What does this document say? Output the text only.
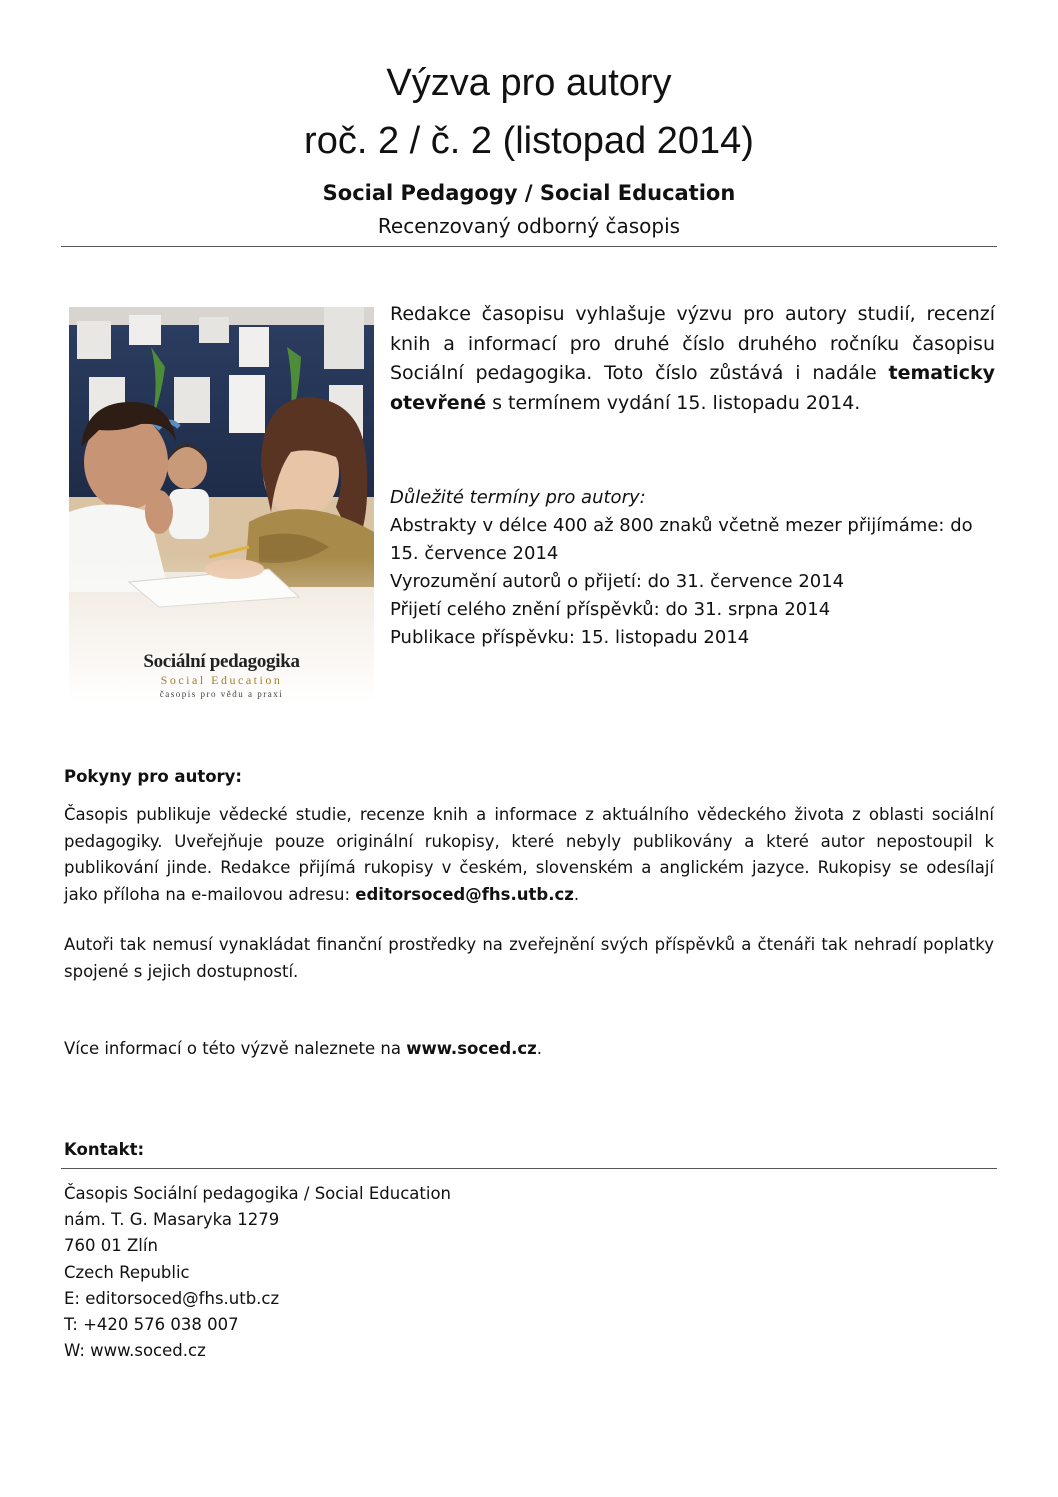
Výzva pro autory
roč. 2 / č. 2 (listopad 2014)
Social Pedagogy / Social Education
Recenzovaný odborný časopis
Sociální pedagogika
Social Education
časopis pro vědu a praxi

Redakce časopisu vyhlašuje výzvu pro autory studií, recenzí knih a informací pro druhé číslo druhého ročníku časopisu Sociální pedagogika. Toto číslo zůstává i nadále tematicky otevřené s termínem vydání 15. listopadu 2014.

Důležité termíny pro autory:
Abstrakty v délce 400 až 800 znaků včetně mezer přijímáme: do
15. července 2014
Vyrozumění autorů o přijetí: do 31. července 2014
Přijetí celého znění příspěvků: do 31. srpna 2014
Publikace příspěvku: 15. listopadu 2014
Pokyny pro autory:

Časopis publikuje vědecké studie, recenze knih a informace z aktuálního vědeckého života z oblasti sociální pedagogiky. Uveřejňuje pouze originální rukopisy, které nebyly publikovány a které autor nepostoupil k publikování jinde. Redakce přijímá rukopisy v českém, slovenském a anglickém jazyce. Rukopisy se odesílají jako příloha na e-mailovou adresu: editorsoced@fhs.utb.cz.

Autoři tak nemusí vynakládat finanční prostředky na zveřejnění svých příspěvků a čtenáři tak nehradí poplatky spojené s jejich dostupností.

Více informací o této výzvě naleznete na www.soced.cz.

Kontakt:
Časopis Sociální pedagogika / Social Education
nám. T. G. Masaryka 1279
760 01 Zlín
Czech Republic
E: editorsoced@fhs.utb.cz
T: +420 576 038 007
W: www.soced.cz
